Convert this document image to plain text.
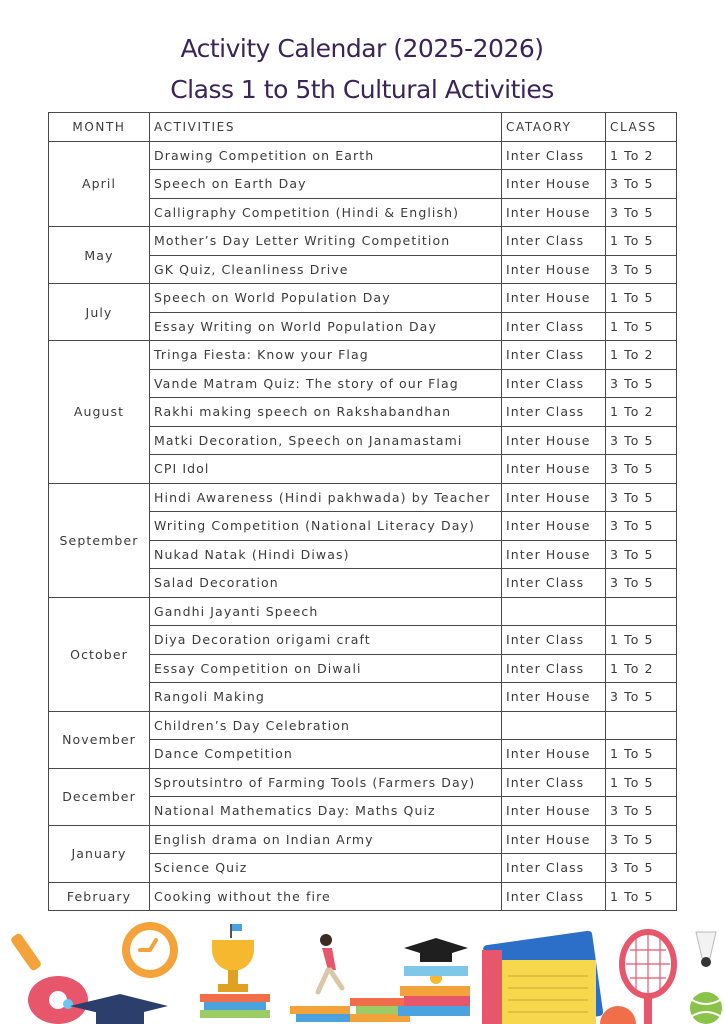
Activity Calendar (2025-2026)
Class 1 to 5th Cultural Activities
MONTH	ACTIVITIES	CATAORY	CLASS
April	Drawing Competition on Earth	Inter Class	1 To 2
	Speech on Earth Day	Inter House	3 To 5
	Calligraphy Competition (Hindi & English)	Inter House	3 To 5
May	Mother’s Day Letter Writing Competition	Inter Class	1 To 5
	GK Quiz, Cleanliness Drive	Inter House	3 To 5
July	Speech on World Population Day	Inter House	1 To 5
	Essay Writing on World Population Day	Inter Class	1 To 5
August	Tringa Fiesta: Know your Flag	Inter Class	1 To 2
	Vande Matram Quiz: The story of our Flag	Inter Class	3 To 5
	Rakhi making speech on Rakshabandhan	Inter Class	1 To 2
	Matki Decoration, Speech on Janamastami	Inter House	3 To 5
	CPI Idol	Inter House	3 To 5
September	Hindi Awareness (Hindi pakhwada) by Teacher	Inter House	3 To 5
	Writing Competition (National Literacy Day)	Inter House	3 To 5
	Nukad Natak (Hindi Diwas)	Inter House	3 To 5
	Salad Decoration	Inter Class	3 To 5
October	Gandhi Jayanti Speech		
	Diya Decoration origami craft	Inter Class	1 To 5
	Essay Competition on Diwali	Inter Class	1 To 2
	Rangoli Making	Inter House	3 To 5
November	Children’s Day Celebration		
	Dance Competition	Inter House	1 To 5
December	Sproutsintro of Farming Tools (Farmers Day)	Inter Class	1 To 5
	National Mathematics Day: Maths Quiz	Inter House	3 To 5
January	English drama on Indian Army	Inter House	3 To 5
	Science Quiz	Inter Class	3 To 5
February	Cooking without the fire	Inter Class	1 To 5
